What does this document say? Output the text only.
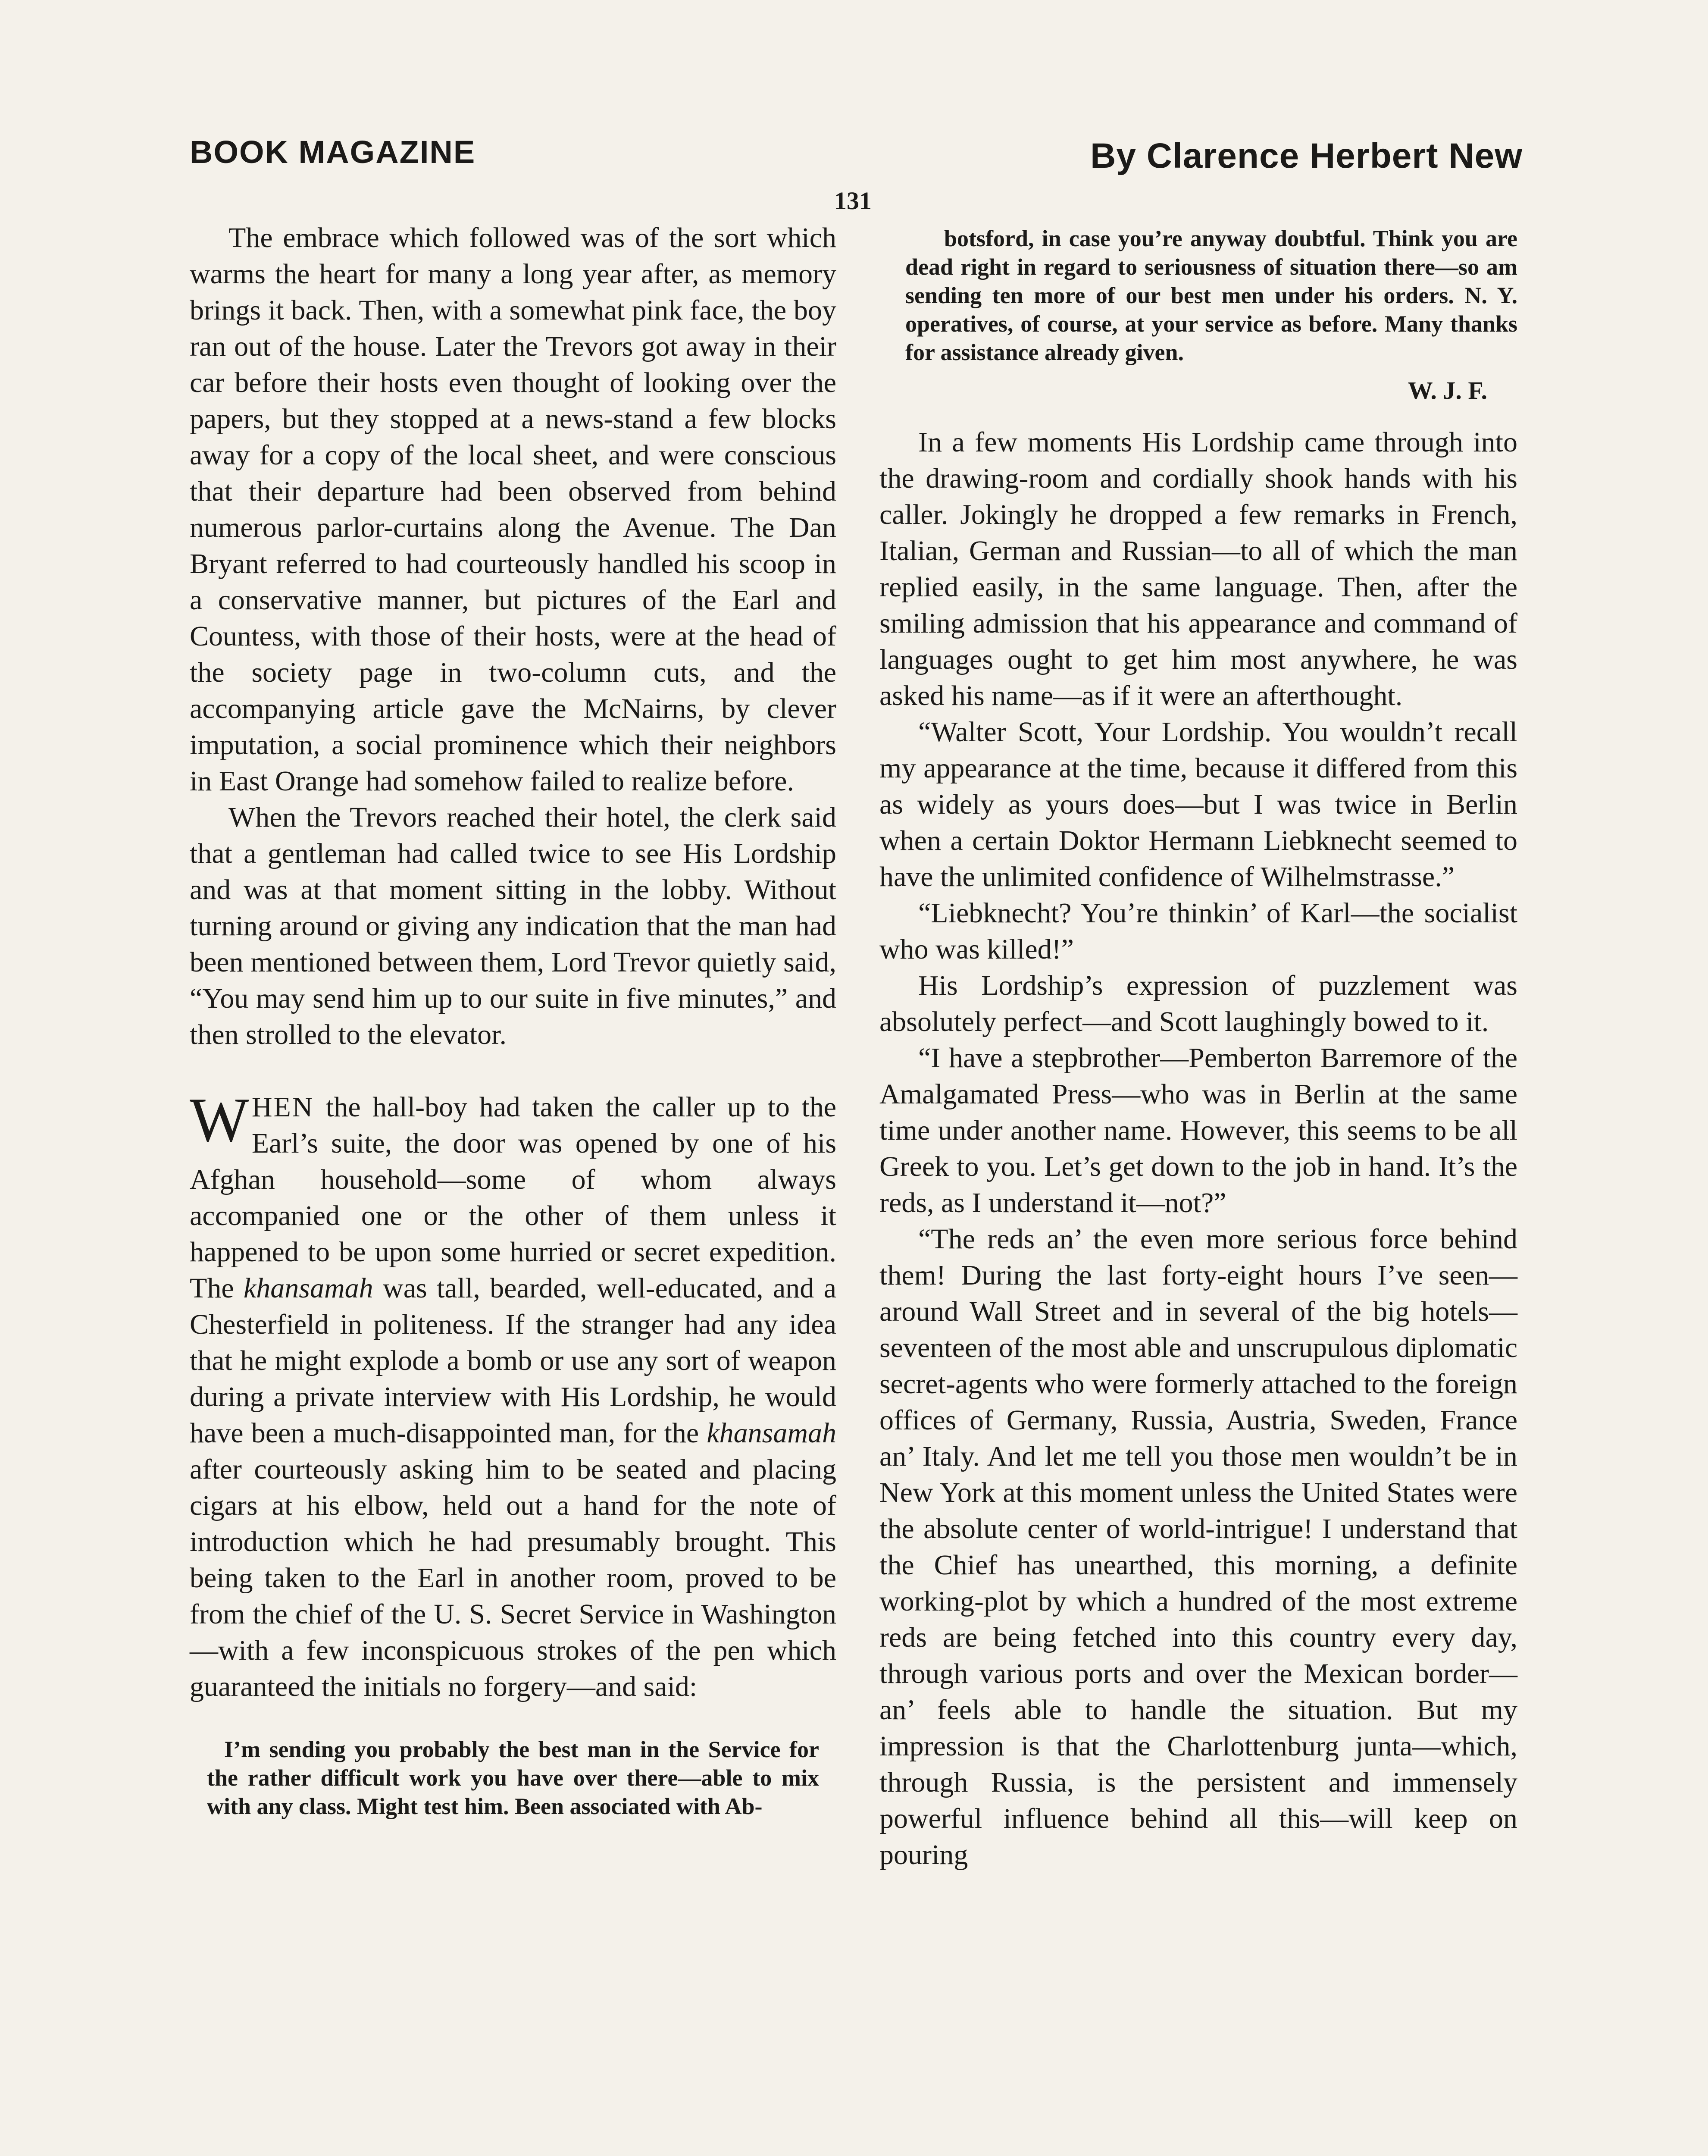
BOOK MAGAZINE	By Clarence Herbert New
131

The embrace which followed was of the sort which warms the heart for many a long year after, as memory brings it back. Then, with a somewhat pink face, the boy ran out of the house. Later the Trevors got away in their car before their hosts even thought of looking over the papers, but they stopped at a news-stand a few blocks away for a copy of the local sheet, and were conscious that their departure had been observed from behind numerous parlor-curtains along the Avenue. The Dan Bryant referred to had courteously handled his scoop in a conservative manner, but pictures of the Earl and Countess, with those of their hosts, were at the head of the society page in two-column cuts, and the accompanying article gave the McNairns, by clever imputation, a social prominence which their neighbors in East Orange had somehow failed to realize before.

When the Trevors reached their hotel, the clerk said that a gentleman had called twice to see His Lordship and was at that moment sitting in the lobby. Without turning around or giving any indication that the man had been mentioned between them, Lord Trevor quietly said, “You may send him up to our suite in five minutes,” and then strolled to the elevator.

WHEN the hall-boy had taken the caller up to the Earl’s suite, the door was opened by one of his Afghan household—some of whom always accompanied one or the other of them unless it happened to be upon some hurried or secret expedition. The khansamah was tall, bearded, well-educated, and a Chesterfield in politeness. If the stranger had any idea that he might explode a bomb or use any sort of weapon during a private interview with His Lordship, he would have been a much-disappointed man, for the khansamah after courteously asking him to be seated and placing cigars at his elbow, held out a hand for the note of introduction which he had presumably brought. This being taken to the Earl in another room, proved to be from the chief of the U. S. Secret Service in Washington—with a few inconspicuous strokes of the pen which guaranteed the initials no forgery—and said:

I’m sending you probably the best man in the Service for the rather difficult work you have over there—able to mix with any class. Might test him. Been associated with Ab-

botsford, in case you’re anyway doubtful. Think you are dead right in regard to seriousness of situation there—so am sending ten more of our best men under his orders. N. Y. operatives, of course, at your service as before. Many thanks for assistance already given.

W. J. F.

In a few moments His Lordship came through into the drawing-room and cordially shook hands with his caller. Jokingly he dropped a few remarks in French, Italian, German and Russian—to all of which the man replied easily, in the same language. Then, after the smiling admission that his appearance and command of languages ought to get him most anywhere, he was asked his name—as if it were an afterthought.

“Walter Scott, Your Lordship. You wouldn’t recall my appearance at the time, because it differed from this as widely as yours does—but I was twice in Berlin when a certain Doktor Hermann Liebknecht seemed to have the unlimited confidence of Wilhelmstrasse.”

“Liebknecht? You’re thinkin’ of Karl—the socialist who was killed!”

His Lordship’s expression of puzzlement was absolutely perfect—and Scott laughingly bowed to it.

“I have a stepbrother—Pemberton Barremore of the Amalgamated Press—who was in Berlin at the same time under another name. However, this seems to be all Greek to you. Let’s get down to the job in hand. It’s the reds, as I understand it—not?”

“The reds an’ the even more serious force behind them! During the last forty-eight hours I’ve seen—around Wall Street and in several of the big hotels—seventeen of the most able and unscrupulous diplomatic secret-agents who were formerly attached to the foreign offices of Germany, Russia, Austria, Sweden, France an’ Italy. And let me tell you those men wouldn’t be in New York at this moment unless the United States were the absolute center of world-intrigue! I understand that the Chief has unearthed, this morning, a definite working-plot by which a hundred of the most extreme reds are being fetched into this country every day, through various ports and over the Mexican border—an’ feels able to handle the situation. But my impression is that the Charlottenburg junta—which, through Russia, is the persistent and immensely powerful influence behind all this—will keep on pouring
